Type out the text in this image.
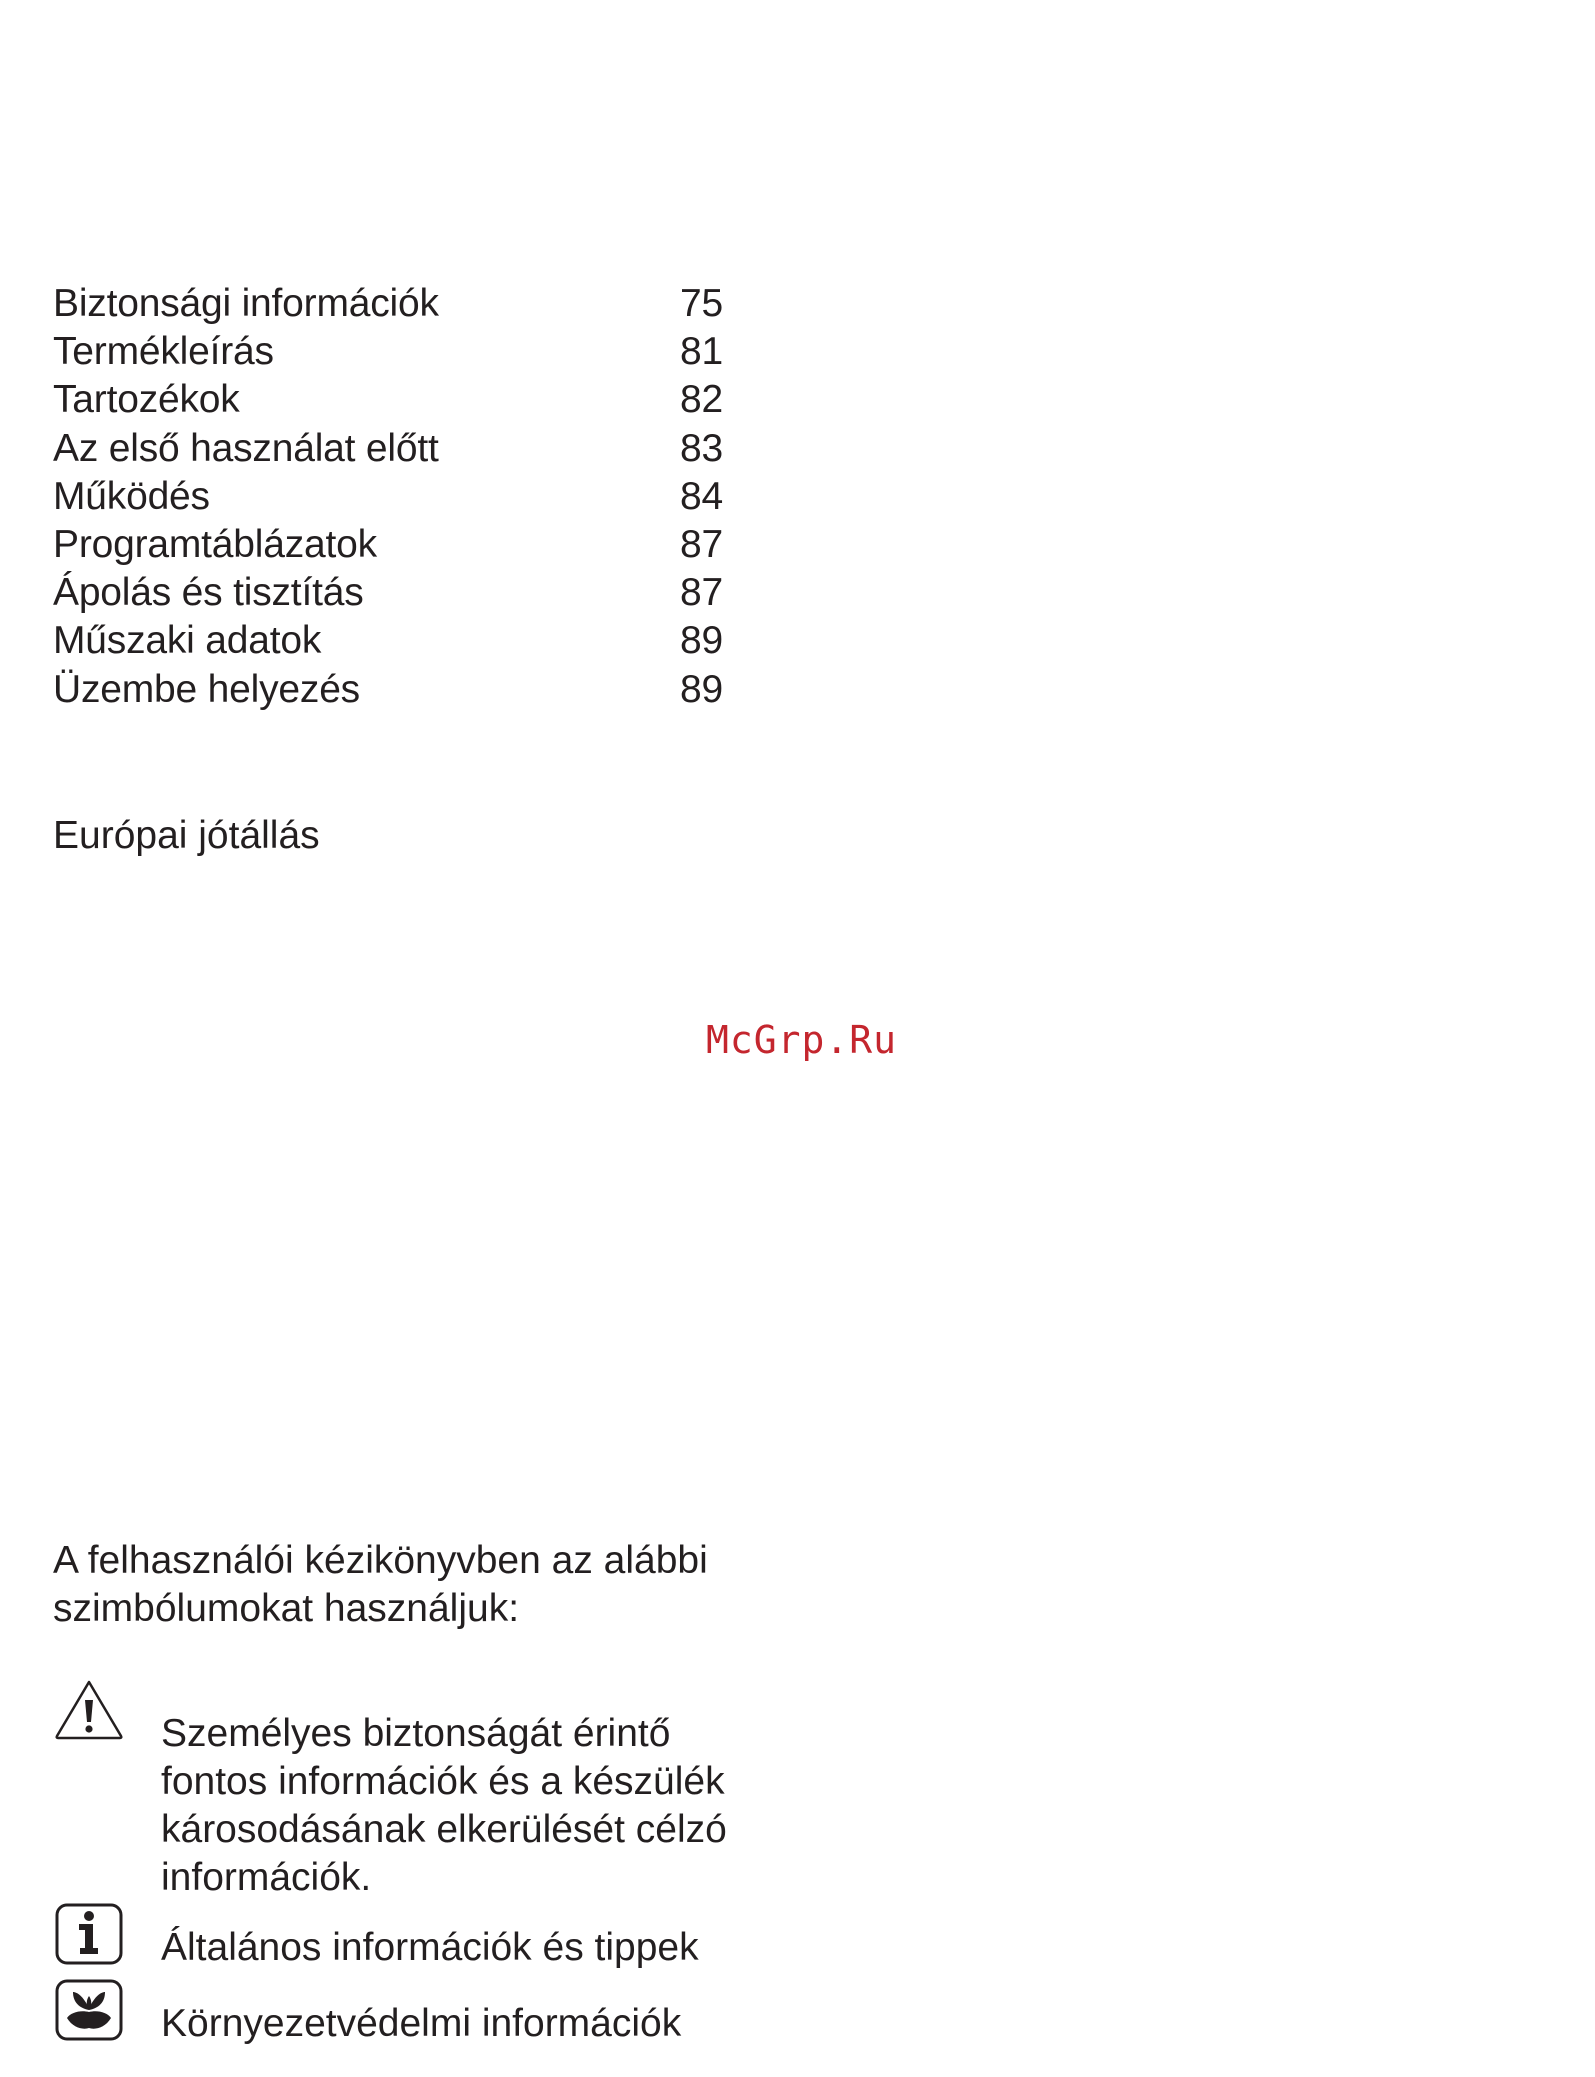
Biztonsági információk	75
Termékleírás	81
Tartozékok	82
Az első használat előtt	83
Működés	84
Programtáblázatok	87
Ápolás és tisztítás	87
Műszaki adatok	89
Üzembe helyezés	89
Európai jótállás
McGrp.Ru
A felhasználói kézikönyvben az alábbi szimbólumokat használjuk:
Személyes biztonságát érintő fontos információk és a készülék károsodásának elkerülését célzó információk.
Általános információk és tippek
Környezetvédelmi információk
